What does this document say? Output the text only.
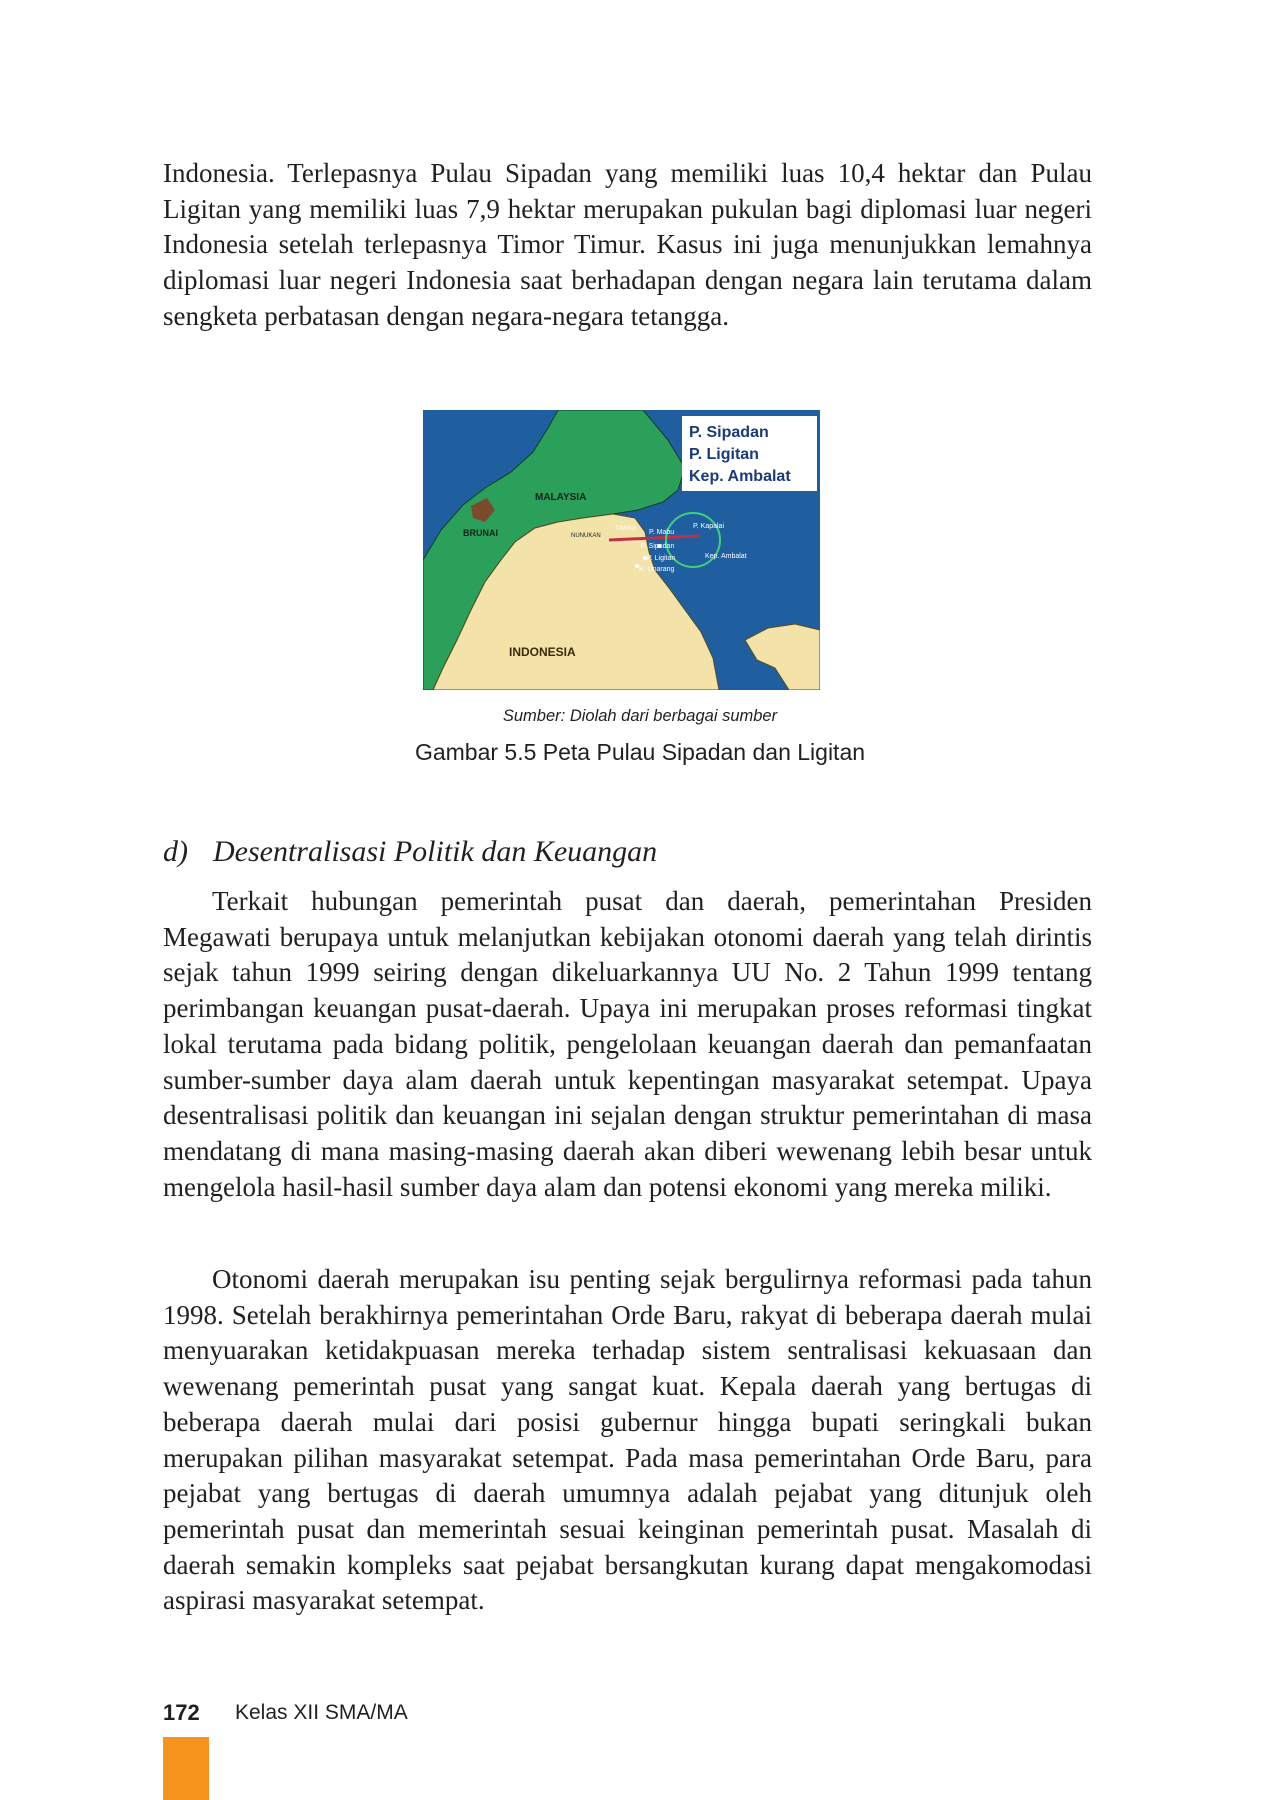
Indonesia. Terlepasnya Pulau Sipadan yang memiliki luas 10,4 hektar dan Pulau Ligitan yang memiliki luas 7,9 hektar merupakan pukulan bagi diplomasi luar negeri Indonesia setelah terlepasnya Timor Timur. Kasus ini juga menunjukkan lemahnya diplomasi luar negeri Indonesia saat berhadapan dengan negara lain terutama dalam sengketa perbatasan dengan negara-negara tetangga.

P. Sipadan
P. Ligitan
Kep. Ambalat
MALAYSIA
BRUNAI
INDONESIA
TAWAU
NUNUKAN	P. Mabu
P. Kapalai
P. Sipadan
P. Ligitan
K. Unarang
Kep. Ambalat
Sumber: Diolah dari berbagai sumber
Gambar 5.5 Peta Pulau Sipadan dan Ligitan
d) Desentralisasi Politik dan Keuangan

Terkait hubungan pemerintah pusat dan daerah, pemerintahan Presiden Megawati berupaya untuk melanjutkan kebijakan otonomi daerah yang telah dirintis sejak tahun 1999 seiring dengan dikeluarkannya UU No. 2 Tahun 1999 tentang perimbangan keuangan pusat-daerah. Upaya ini merupakan proses reformasi tingkat lokal terutama pada bidang politik, pengelolaan keuangan daerah dan pemanfaatan sumber-sumber daya alam daerah untuk kepentingan masyarakat setempat. Upaya desentralisasi politik dan keuangan ini sejalan dengan struktur pemerintahan di masa mendatang di mana masing-masing daerah akan diberi wewenang lebih besar untuk mengelola hasil-hasil sumber daya alam dan potensi ekonomi yang mereka miliki.

Otonomi daerah merupakan isu penting sejak bergulirnya reformasi pada tahun 1998. Setelah berakhirnya pemerintahan Orde Baru, rakyat di beberapa daerah mulai menyuarakan ketidakpuasan mereka terhadap sistem sentralisasi kekuasaan dan wewenang pemerintah pusat yang sangat kuat. Kepala daerah yang bertugas di beberapa daerah mulai dari posisi gubernur hingga bupati seringkali bukan merupakan pilihan masyarakat setempat. Pada masa pemerintahan Orde Baru, para pejabat yang bertugas di daerah umumnya adalah pejabat yang ditunjuk oleh pemerintah pusat dan memerintah sesuai keinginan pemerintah pusat. Masalah di daerah semakin kompleks saat pejabat bersangkutan kurang dapat mengakomodasi aspirasi masyarakat setempat.

172 Kelas XII SMA/MA
